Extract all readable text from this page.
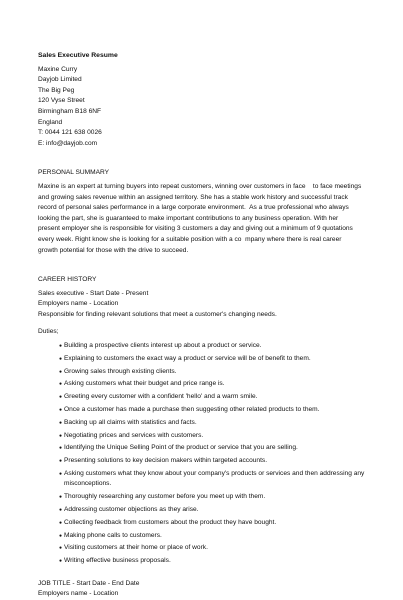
Sales Executive Resume
Maxine Curry
Dayjob Limited
The Big Peg
120 Vyse Street
Birmingham B18 6NF
England
T: 0044 121 638 0026
E: info@dayjob.com
PERSONAL SUMMARY
Maxine is an expert at turning buyers into repeat customers, winning over customers in face    to face meetings
and growing sales revenue within an assigned territory. She has a stable work history and successful track
record of personal sales performance in a large corporate environment.  As a true professional who always
looking the part, she is guaranteed to make important contributions to any business operation. With her
present employer she is responsible for visiting 3 customers a day and giving out a minimum of 9 quotations
every week. Right know she is looking for a suitable position with a co  mpany where there is real career
growth potential for those with the drive to succeed.
CAREER HISTORY
Sales executive - Start Date - Present
Employers name - Location
Responsible for finding relevant solutions that meet a customer's changing needs.
Duties;
● Building a prospective clients interest up about a product or service.
● Explaining to customers the exact way a product or service will be of benefit to them.
● Growing sales through existing clients.
● Asking customers what their budget and price range is.
● Greeting every customer with a confident 'hello' and a warm smile.
● Once a customer has made a purchase then suggesting other related products to them.
● Backing up all claims with statistics and facts.
● Negotiating prices and services with customers.
● Identifying the Unique Selling Point of the product or service that you are selling.
● Presenting solutions to key decision makers within targeted accounts.
● Asking customers what they know about your company's products or services and then addressing any misconceptions.
● Thoroughly researching any customer before you meet up with them.
● Addressing customer objections as they arise.
● Collecting feedback from customers about the product they have bought.
● Making phone calls to customers.
● Visiting customers at their home or place of work.
● Writing effective business proposals.
JOB TITLE - Start Date - End Date
Employers name - Location
